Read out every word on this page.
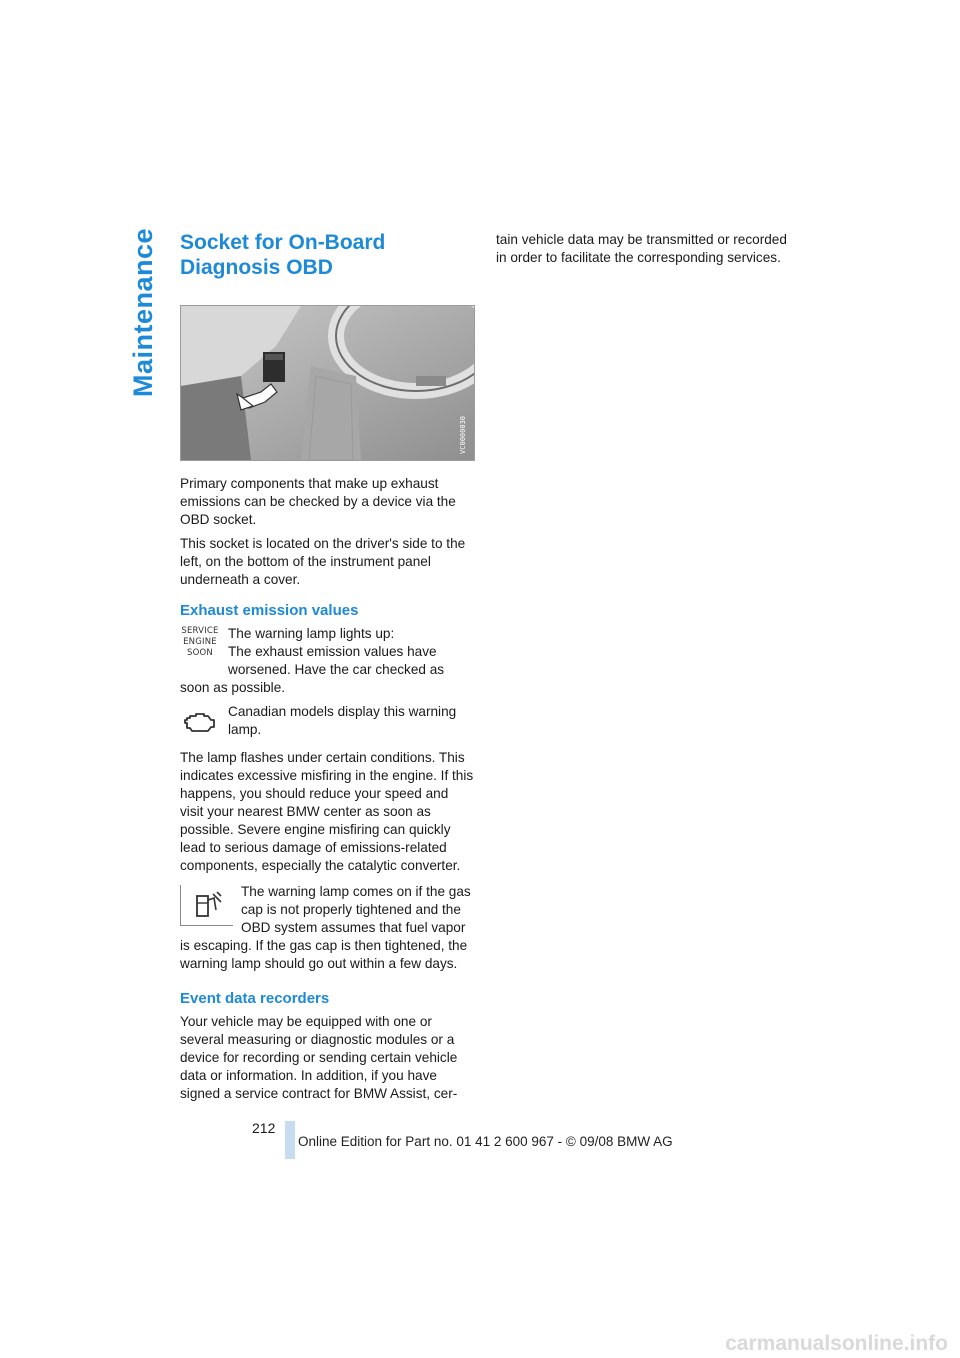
Maintenance Socket for On-Board Diagnosis OBD
VC0000030

Primary components that make up exhaust emissions can be checked by a device via the OBD socket.

This socket is located on the driver's side to the left, on the bottom of the instrument panel underneath a cover.

Exhaust emission values
SERVICE
ENGINE
SOON
The warning lamp lights up:
The exhaust emission values have
worsened. Have the car checked as

soon as possible.

Canadian models display this warning
lamp.

The lamp flashes under certain conditions. This indicates excessive misfiring in the engine. If this happens, you should reduce your speed and visit your nearest BMW center as soon as possible. Severe engine misfiring can quickly lead to serious damage of emissions-related components, especially the catalytic converter.

The warning lamp comes on if the gas
cap is not properly tightened and the
OBD system assumes that fuel vapor

is escaping. If the gas cap is then tightened, the warning lamp should go out within a few days.

Event data recorders

Your vehicle may be equipped with one or several measuring or diagnostic modules or a device for recording or sending certain vehicle data or information. In addition, if you have signed a service contract for BMW Assist, cer-

tain vehicle data may be transmitted or recorded in order to facilitate the corresponding services.

212
Online Edition for Part no. 01 41 2 600 967 - © 09/08 BMW AG
carmanualsonline.info
